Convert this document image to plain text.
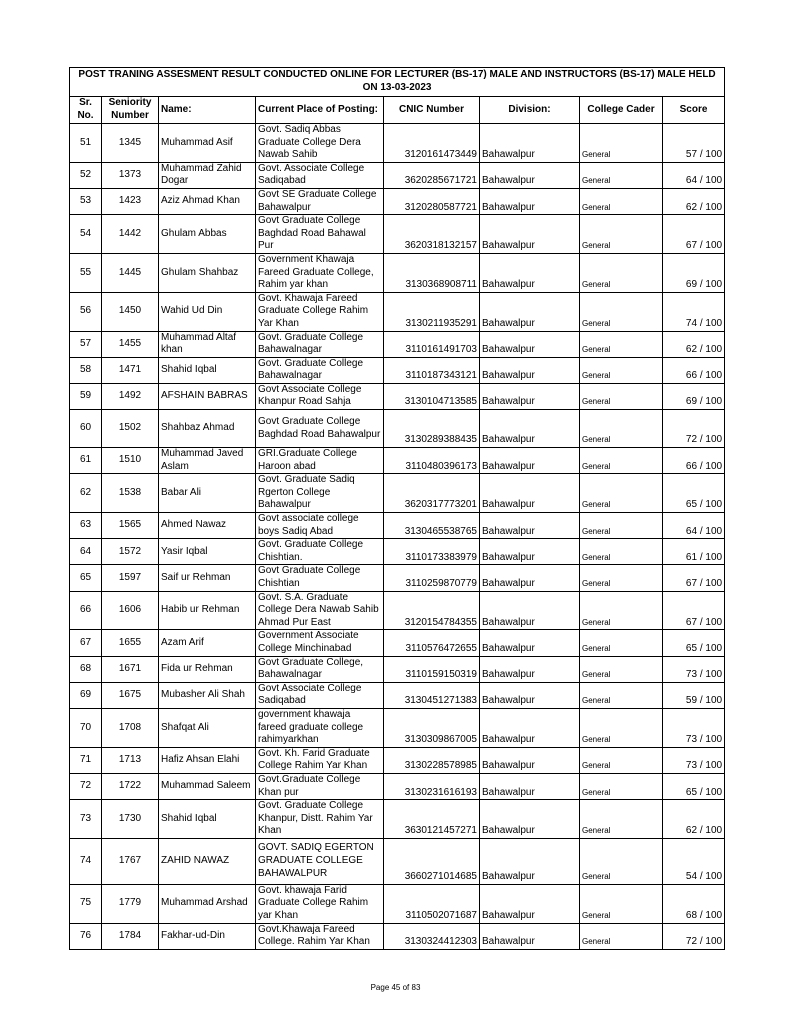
POST TRANING ASSESMENT RESULT CONDUCTED ONLINE FOR LECTURER (BS-17) MALE AND INSTRUCTORS (BS-17) MALE HELD ON 13-03-2023							
Sr. No.	Seniority Number	Name:	Current Place of Posting:	CNIC Number	Division:	College Cader	Score
51	1345	Muhammad Asif	Govt. Sadiq Abbas Graduate College Dera Nawab Sahib	3120161473449	Bahawalpur	General	57 / 100
52	1373	Muhammad Zahid Dogar	Govt. Associate College Sadiqabad	3620285671721	Bahawalpur	General	64 / 100
53	1423	Aziz Ahmad Khan	Govt SE Graduate College Bahawalpur	3120280587721	Bahawalpur	General	62 / 100
54	1442	Ghulam Abbas	Govt Graduate College Baghdad Road Bahawal Pur	3620318132157	Bahawalpur	General	67 / 100
55	1445	Ghulam Shahbaz	Government Khawaja Fareed Graduate College, Rahim yar khan	3130368908711	Bahawalpur	General	69 / 100
56	1450	Wahid Ud Din	Govt. Khawaja Fareed Graduate College Rahim Yar Khan	3130211935291	Bahawalpur	General	74 / 100
57	1455	Muhammad Altaf khan	Govt. Graduate College Bahawalnagar	3110161491703	Bahawalpur	General	62 / 100
58	1471	Shahid Iqbal	Govt. Graduate College Bahawalnagar	3110187343121	Bahawalpur	General	66 / 100
59	1492	AFSHAIN BABRAS	Govt Associate College Khanpur Road Sahja	3130104713585	Bahawalpur	General	69 / 100
60	1502	Shahbaz Ahmad	Govt Graduate College Baghdad Road Bahawalpur	3130289388435	Bahawalpur	General	72 / 100
61	1510	Muhammad Javed Aslam	GRI.Graduate College Haroon abad	3110480396173	Bahawalpur	General	66 / 100
62	1538	Babar Ali	Govt. Graduate Sadiq Rgerton College Bahawalpur	3620317773201	Bahawalpur	General	65 / 100
63	1565	Ahmed Nawaz	Govt associate college boys Sadiq Abad	3130465538765	Bahawalpur	General	64 / 100
64	1572	Yasir Iqbal	Govt. Graduate College Chishtian.	3110173383979	Bahawalpur	General	61 / 100
65	1597	Saif ur Rehman	Govt Graduate College Chishtian	3110259870779	Bahawalpur	General	67 / 100
66	1606	Habib ur Rehman	Govt. S.A. Graduate College Dera Nawab Sahib Ahmad Pur East	3120154784355	Bahawalpur	General	67 / 100
67	1655	Azam Arif	Government Associate College Minchinabad	3110576472655	Bahawalpur	General	65 / 100
68	1671	Fida ur Rehman	Govt Graduate College, Bahawalnagar	3110159150319	Bahawalpur	General	73 / 100
69	1675	Mubasher Ali Shah	Govt Associate College Sadiqabad	3130451271383	Bahawalpur	General	59 / 100
70	1708	Shafqat Ali	government khawaja fareed graduate college rahimyarkhan	3130309867005	Bahawalpur	General	73 / 100
71	1713	Hafiz Ahsan Elahi	Govt. Kh. Farid Graduate College Rahim Yar Khan	3130228578985	Bahawalpur	General	73 / 100
72	1722	Muhammad Saleem	Govt.Graduate College Khan pur	3130231616193	Bahawalpur	General	65 / 100
73	1730	Shahid Iqbal	Govt. Graduate College Khanpur, Distt. Rahim Yar Khan	3630121457271	Bahawalpur	General	62 / 100
74	1767	ZAHID NAWAZ	GOVT. SADIQ EGERTON GRADUATE COLLEGE BAHAWALPUR	3660271014685	Bahawalpur	General	54 / 100
75	1779	Muhammad Arshad	Govt. khawaja Farid Graduate College Rahim yar Khan	3110502071687	Bahawalpur	General	68 / 100
76	1784	Fakhar-ud-Din	Govt.Khawaja Fareed College. Rahim Yar Khan	3130324412303	Bahawalpur	General	72 / 100
Page 45 of 83
